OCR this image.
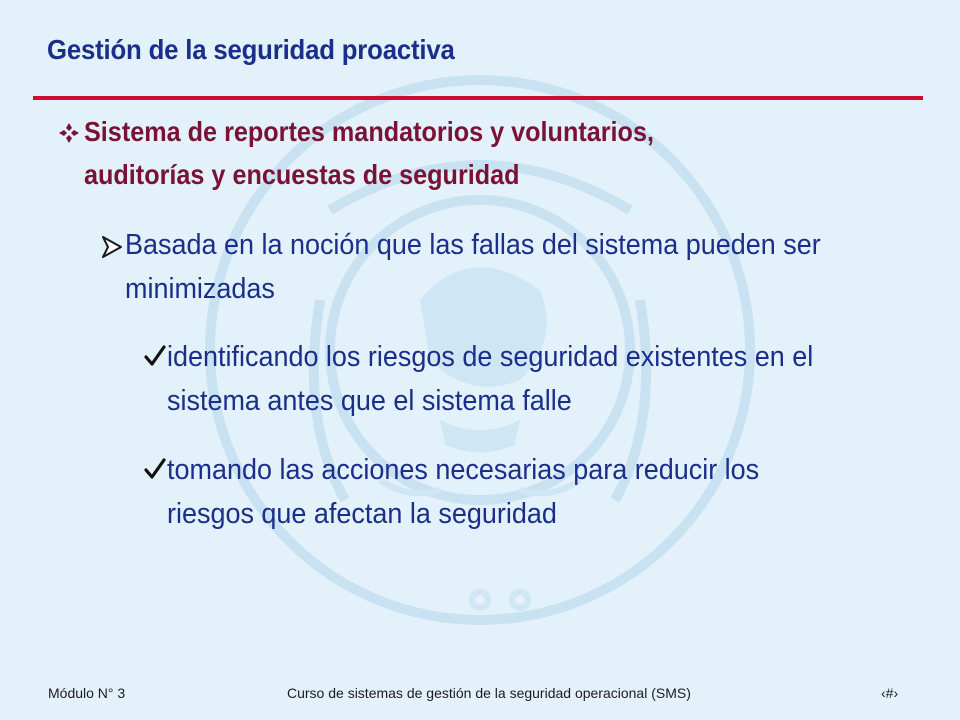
Gestión de la seguridad proactiva
Sistema de reportes mandatorios y voluntarios,
auditorías y encuestas de seguridad
Basada en la noción que las fallas del sistema pueden ser
minimizadas
identificando los riesgos de seguridad existentes en el
sistema antes que el sistema falle
tomando las acciones necesarias para reducir los
riesgos que afectan la seguridad
Módulo N° 3	Curso de sistemas de gestión de la seguridad operacional (SMS)	‹#›
